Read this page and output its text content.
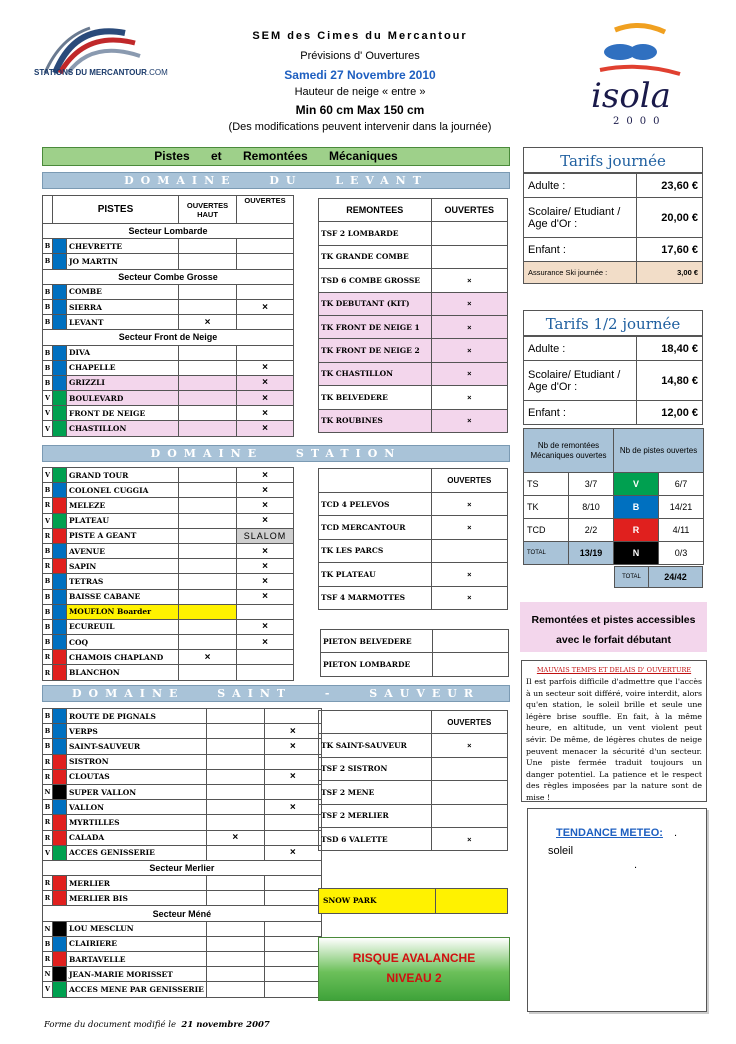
STATIONS DU MERCANTOUR.COM
SEM des Cimes du Mercantour
Prévisions d' Ouvertures
Samedi 27 Novembre 2010
Hauteur de neige « entre »
Min 60 cm Max 150 cm
(Des modifications peuvent intervenir dans la journée)
isola
2000
Pistes et Remontées Mécaniques
DOMAINE DU LEVANT
	PISTES		OUVERTES HAUT	OUVERTES
Secteur Lombarde				
B		CHEVRETTE		
B		JO MARTIN		
Secteur Combe Grosse				
B		COMBE		
B		SIERRA		×
B		LEVANT	×	
Secteur Front de Neige				
B		DIVA		
B		CHAPELLE		×
B		GRIZZLI		×
V		BOULEVARD		×
V		FRONT DE NEIGE		×
V		CHASTILLON		×
REMONTEES	OUVERTES
TSF 2 LOMBARDE	
TK GRANDE COMBE	
TSD 6 COMBE GROSSE	×
TK DEBUTANT (KIT)	×
TK FRONT DE NEIGE 1	×
TK FRONT DE NEIGE 2	×
TK CHASTILLON	×
TK BELVEDERE	×
TK ROUBINES	×
DOMAINE STATION
V		GRAND TOUR		×
B		COLONEL CUGGIA		×
R		MELEZE		×
V		PLATEAU		×
R		PISTE A GEANT		SLALOM
B		AVENUE		×
R		SAPIN		×
B		TETRAS		×
B		BAISSE CABANE		×
B		MOUFLON Boarder		
B		ECUREUIL		×
B		COQ		×
R		CHAMOIS CHAPLAND	×	
R		BLANCHON		
	OUVERTES
TCD 4 PELEVOS	×
TCD MERCANTOUR	×
TK LES PARCS	
TK PLATEAU	×
TSF 4 MARMOTTES	×
PIETON BELVEDERE	
PIETON LOMBARDE	
DOMAINE SAINT - SAUVEUR
B		ROUTE DE PIGNALS		
B		VERPS		×
B		SAINT-SAUVEUR		×
R		SISTRON		
R		CLOUTAS		×
N		SUPER VALLON		
B		VALLON		×
R		MYRTILLES		
R		CALADA	×	
V		ACCES GENISSERIE		×
Secteur Merlier				
R		MERLIER		
R		MERLIER BIS		
Secteur Méné				
N		LOU MESCLUN		
B		CLAIRIERE		
R		BARTAVELLE		
N		JEAN-MARIE MORISSET		
V		ACCES MENE PAR GENISSERIE		
	OUVERTES
TK SAINT-SAUVEUR	×
TSF 2 SISTRON	
TSF 2 MENE	
TSF 2 MERLIER	
TSD 6 VALETTE	×
SNOW PARK
RISQUE AVALANCHE
NIVEAU 2
Tarifs journée
Adulte :	23,60 €
Scolaire/ Etudiant / Age d'Or :	20,00 €
Enfant :	17,60 €
Assurance Ski journée :	3,00 €
Tarifs 1/2 journée
Adulte :	18,40 €
Scolaire/ Etudiant / Age d'Or :	14,80 €
Enfant :	12,00 €
Nb de remontées Mécaniques ouvertes		Nb de pistes ouvertes	
TS	3/7	V	6/7
TK	8/10	B	14/21
TCD	2/2	R	4/11
TOTAL	13/19	N	0/3
TOTAL	24/42
Remontées et pistes accessibles
avec le forfait débutant
MAUVAIS TEMPS ET DELAIS D' OUVERTURE
Il est parfois difficile d'admettre que l'accès à un secteur soit différé, voire interdit, alors qu'en station, le soleil brille et seule une légère brise souffle. En fait, à la même heure, en altitude, un vent violent peut sévir. De même, de légères chutes de neige peuvent menacer la sécurité d'un secteur. Une piste fermée traduit toujours un danger potentiel. La patience et le respect des règles imposées par la nature sont de mise !
TENDANCE METEO: .
soleil
.
Forme du document modifié le 21 novembre 2007
